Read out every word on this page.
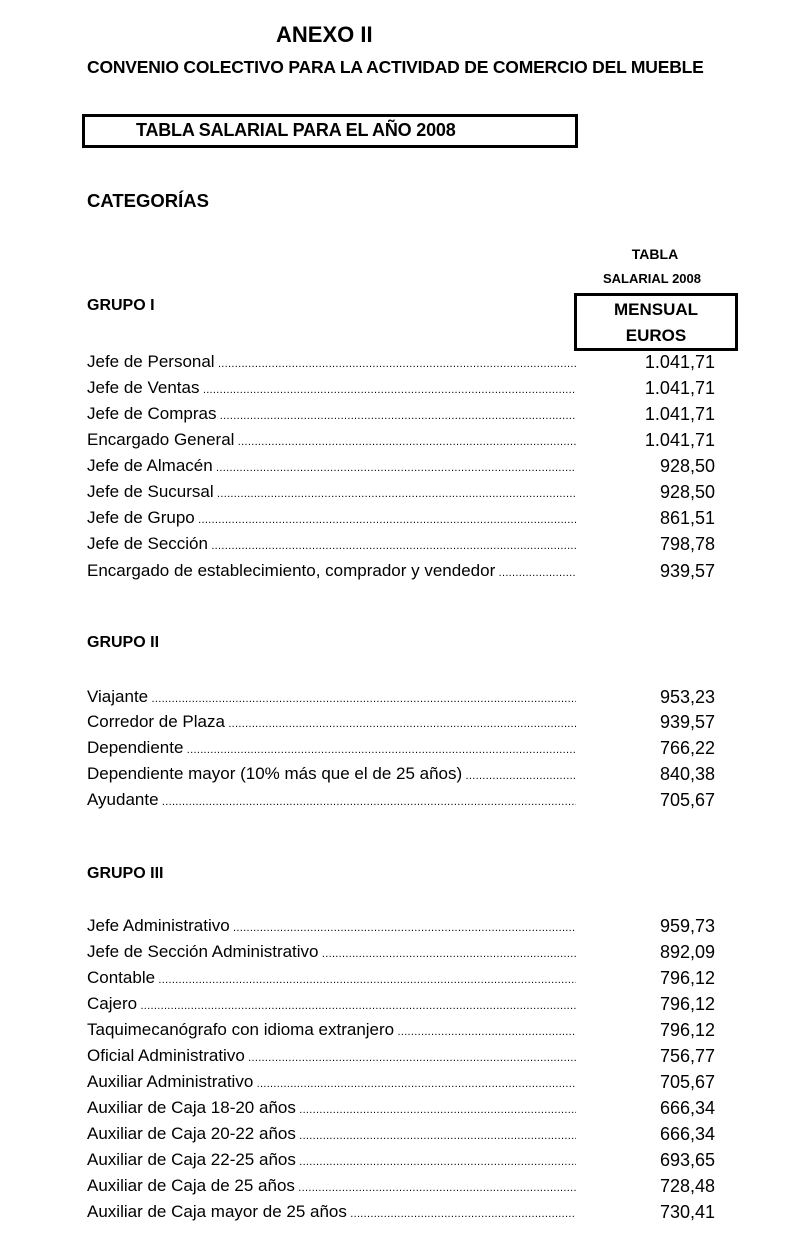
ANEXO II
CONVENIO COLECTIVO PARA LA ACTIVIDAD DE COMERCIO DEL MUEBLE
TABLA SALARIAL PARA EL AÑO 2008
CATEGORÍAS
TABLA
SALARIAL 2008
MENSUAL
EUROS
GRUPO I
Jefe de Personal .....	1.041,71
Jefe de Ventas .....	1.041,71
Jefe de Compras .....	1.041,71
Encargado General .....	1.041,71
Jefe de Almacén .....	928,50
Jefe de Sucursal .....	928,50
Jefe de Grupo .....	861,51
Jefe de Sección .....	798,78
Encargado de establecimiento, comprador y vendedor .....	939,57
GRUPO II
Viajante .....	953,23
Corredor de Plaza .....	939,57
Dependiente .....	766,22
Dependiente mayor (10% más que el de 25 años) .....	840,38
Ayudante .....	705,67
GRUPO III
Jefe Administrativo .....	959,73
Jefe de Sección Administrativo .....	892,09
Contable .....	796,12
Cajero .....	796,12
Taquimecanógrafo con idioma extranjero .....	796,12
Oficial Administrativo .....	756,77
Auxiliar Administrativo .....	705,67
Auxiliar de Caja 18-20 años .....	666,34
Auxiliar de Caja 20-22 años .....	666,34
Auxiliar de Caja 22-25 años .....	693,65
Auxiliar de Caja de 25 años .....	728,48
Auxiliar de Caja mayor de 25 años .....	730,41
